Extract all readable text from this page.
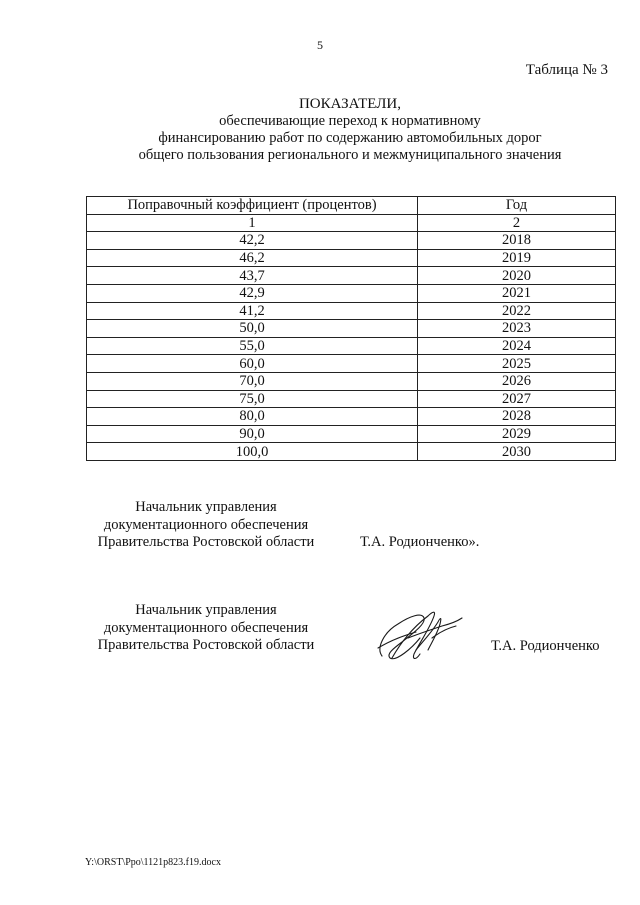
5
Таблица № 3
ПОКАЗАТЕЛИ,
обеспечивающие переход к нормативному
финансированию работ по содержанию автомобильных дорог
общего пользования регионального и межмуниципального значения
Поправочный коэффициент (процентов)	Год
1	2
42,2	2018
46,2	2019
43,7	2020
42,9	2021
41,2	2022
50,0	2023
55,0	2024
60,0	2025
70,0	2026
75,0	2027
80,0	2028
90,0	2029
100,0	2030
Начальник управления
документационного обеспечения
Правительства Ростовской области	Т.А. Родионченко».
Начальник управления
документационного обеспечения
Правительства Ростовской области	Т.А. Родионченко
Y:\ORST\Ppo\1121p823.f19.docx
